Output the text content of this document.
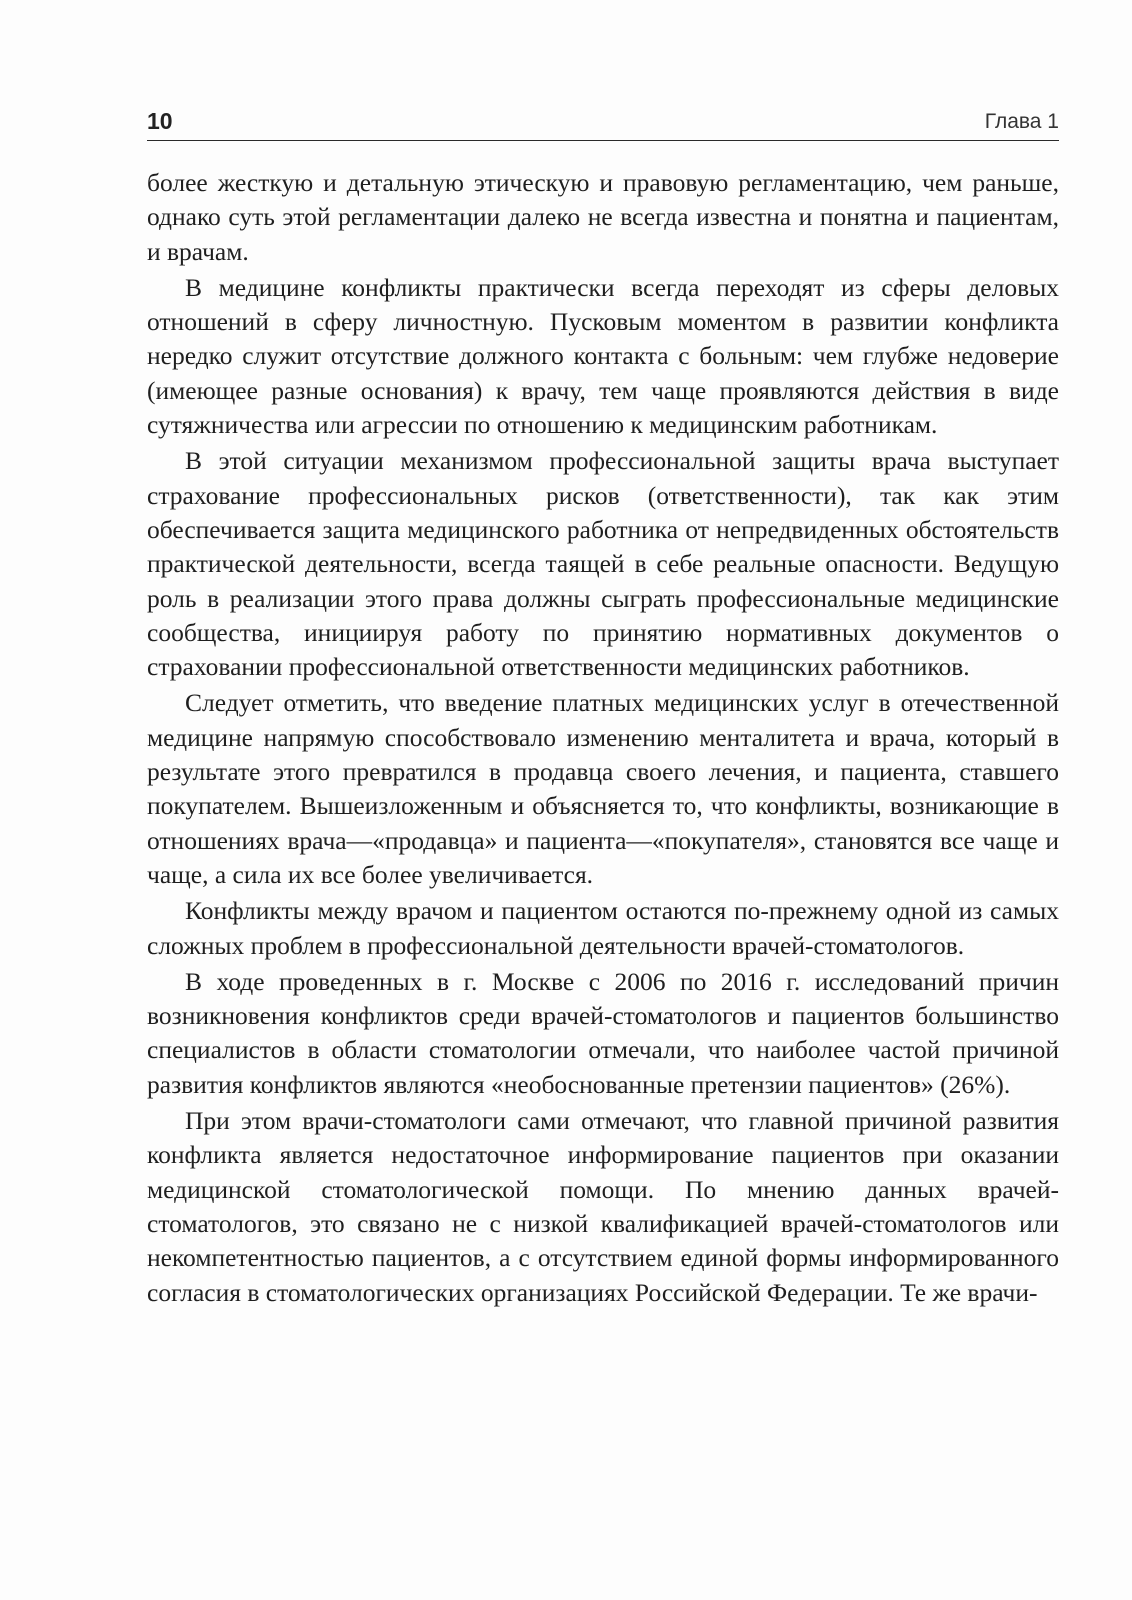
10	Глава 1

более жесткую и детальную этическую и правовую регламентацию, чем раньше, однако суть этой регламентации далеко не всегда известна и понятна и пациентам, и врачам.

В медицине конфликты практически всегда переходят из сферы деловых отношений в сферу личностную. Пусковым моментом в развитии конфликта нередко служит отсутствие должного контакта с больным: чем глубже недоверие (имеющее разные основания) к врачу, тем чаще проявляются действия в виде сутяжничества или агрессии по отношению к медицинским работникам.

В этой ситуации механизмом профессиональной защиты врача выступает страхование профессиональных рисков (ответственности), так как этим обеспечивается защита медицинского работника от непредвиденных обстоятельств практической деятельности, всегда таящей в себе реальные опасности. Ведущую роль в реализации этого права должны сыграть профессиональные медицинские сообщества, инициируя работу по принятию нормативных документов о страховании профессиональной ответственности медицинских работников.

Следует отметить, что введение платных медицинских услуг в отечественной медицине напрямую способствовало изменению менталитета и врача, который в результате этого превратился в продавца своего лечения, и пациента, ставшего покупателем. Вышеизложенным и объясняется то, что конфликты, возникающие в отношениях врача—«продавца» и пациента—«покупателя», становятся все чаще и чаще, а сила их все более увеличивается.

Конфликты между врачом и пациентом остаются по-прежнему одной из самых сложных проблем в профессиональной деятельности врачей-стоматологов.

В ходе проведенных в г. Москве с 2006 по 2016 г. исследований причин возникновения конфликтов среди врачей-стоматологов и пациентов большинство специалистов в области стоматологии отмечали, что наиболее частой причиной развития конфликтов являются «необоснованные претензии пациентов» (26%).

При этом врачи-стоматологи сами отмечают, что главной причиной развития конфликта является недостаточное информирование пациентов при оказании медицинской стоматологической помощи. По мнению данных врачей-стоматологов, это связано не с низкой квалификацией врачей-стоматологов или некомпетентностью пациентов, а с отсутствием единой формы информированного согласия в стоматологических организациях Российской Федерации. Те же врачи-
